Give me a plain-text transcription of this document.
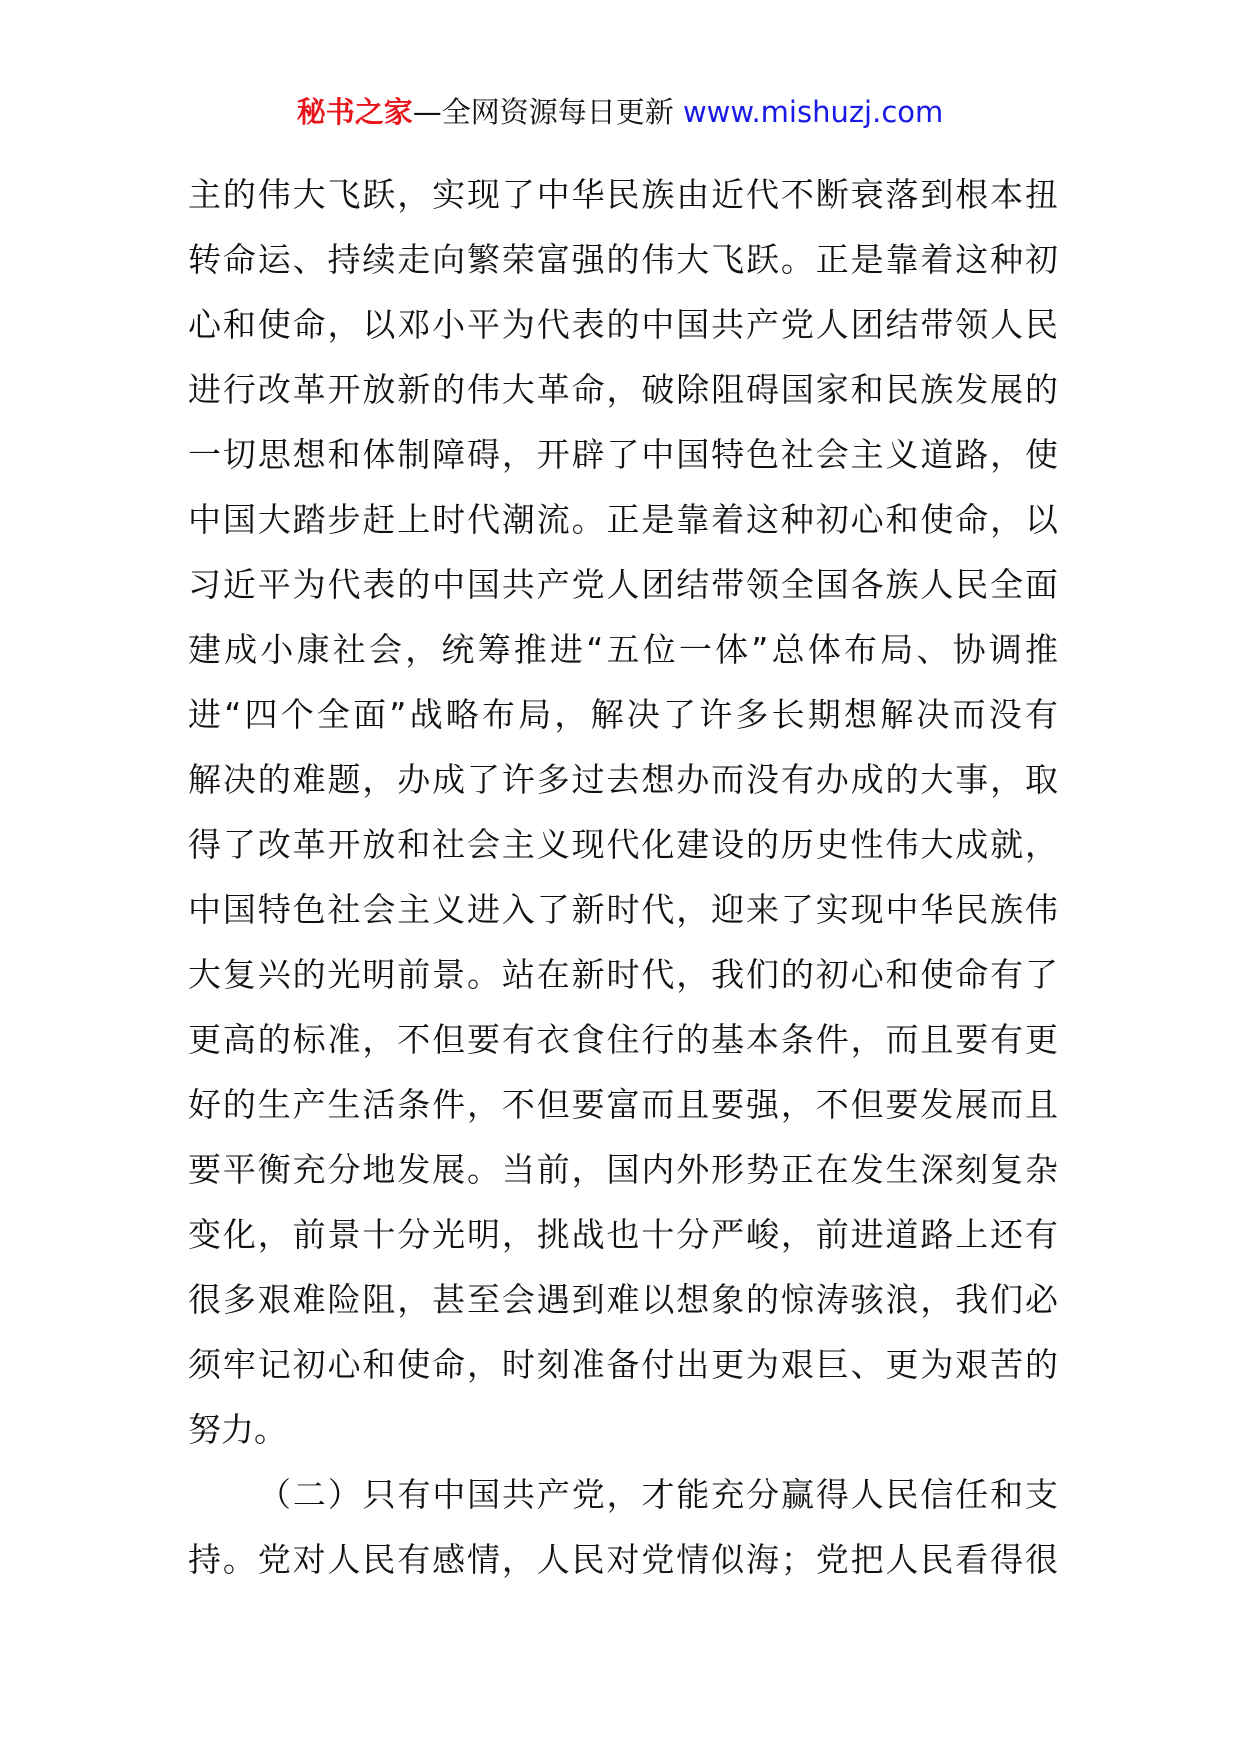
秘书之家—全网资源每日更新 www.mishuzj.com
主的伟大飞跃，实现了中华民族由近代不断衰落到根本扭
转命运、持续走向繁荣富强的伟大飞跃。正是靠着这种初
心和使命，以邓小平为代表的中国共产党人团结带领人民
进行改革开放新的伟大革命，破除阻碍国家和民族发展的
一切思想和体制障碍，开辟了中国特色社会主义道路，使
中国大踏步赶上时代潮流。正是靠着这种初心和使命，以
习近平为代表的中国共产党人团结带领全国各族人民全面
建成小康社会，统筹推进“五位一体”总体布局、协调推
进“四个全面”战略布局，解决了许多长期想解决而没有
解决的难题，办成了许多过去想办而没有办成的大事，取
得了改革开放和社会主义现代化建设的历史性伟大成就，
中国特色社会主义进入了新时代，迎来了实现中华民族伟
大复兴的光明前景。站在新时代，我们的初心和使命有了
更高的标准，不但要有衣食住行的基本条件，而且要有更
好的生产生活条件，不但要富而且要强，不但要发展而且
要平衡充分地发展。当前，国内外形势正在发生深刻复杂
变化，前景十分光明，挑战也十分严峻，前进道路上还有
很多艰难险阻，甚至会遇到难以想象的惊涛骇浪，我们必
须牢记初心和使命，时刻准备付出更为艰巨、更为艰苦的
努力。
（二）只有中国共产党，才能充分赢得人民信任和支
持。党对人民有感情，人民对党情似海；党把人民看得很
